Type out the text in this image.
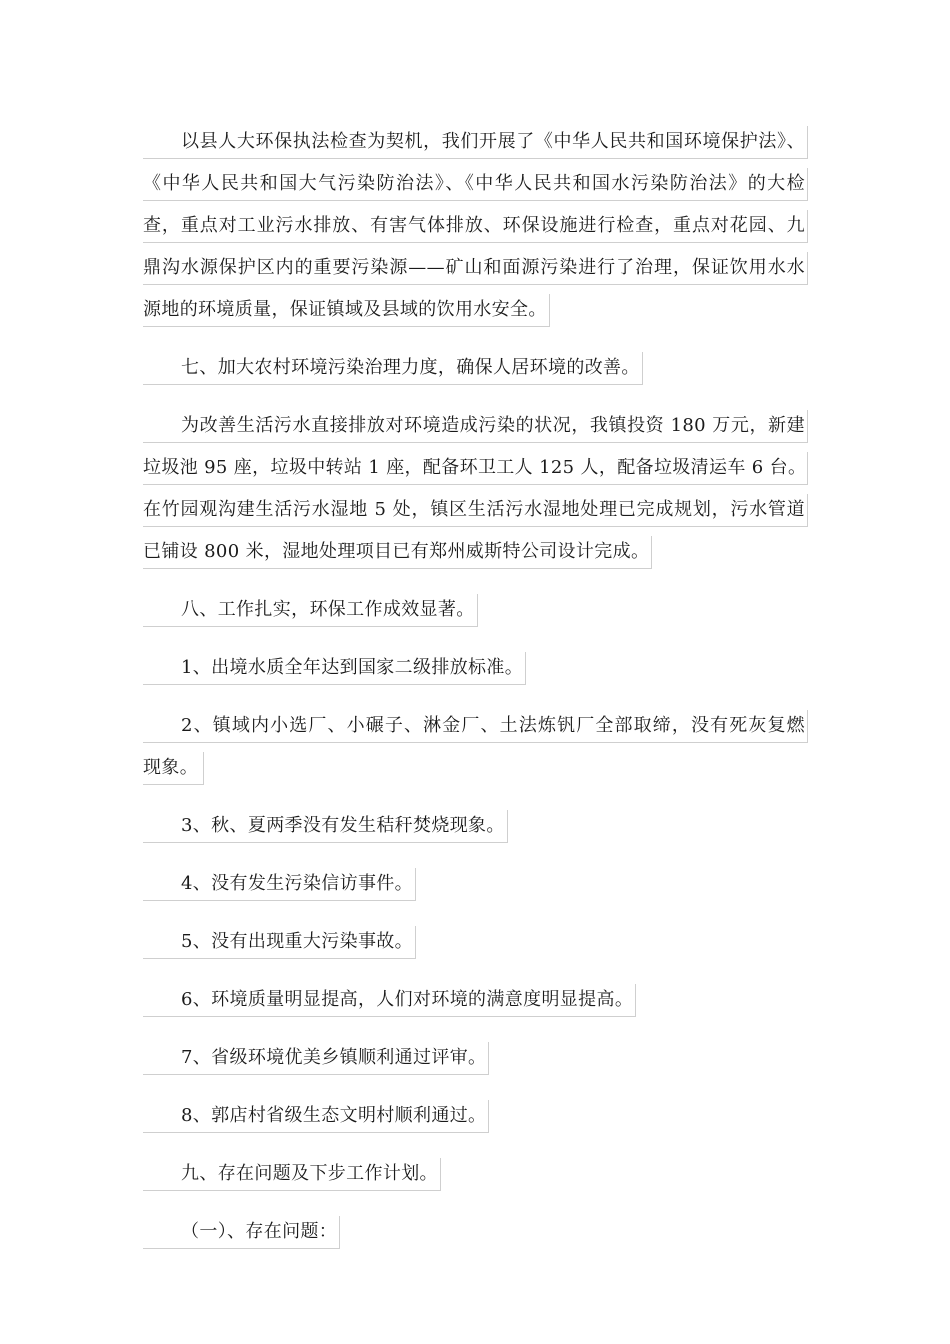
以县人大环保执法检查为契机，我们开展了《中华人民共和国环境保护法》、
《中华人民共和国大气污染防治法》、《中华人民共和国水污染防治法》的大检
查，重点对工业污水排放、有害气体排放、环保设施进行检查，重点对花园、九
鼎沟水源保护区内的重要污染源——矿山和面源污染进行了治理，保证饮用水水
源地的环境质量，保证镇域及县域的饮用水安全。
七、加大农村环境污染治理力度，确保人居环境的改善。
为改善生活污水直接排放对环境造成污染的状况，我镇投资 180 万元，新建
垃圾池 95 座，垃圾中转站 1 座，配备环卫工人 125 人，配备垃圾清运车 6 台。
在竹园观沟建生活污水湿地 5 处，镇区生活污水湿地处理已完成规划，污水管道
已铺设 800 米，湿地处理项目已有郑州威斯特公司设计完成。
八、工作扎实，环保工作成效显著。
1、出境水质全年达到国家二级排放标准。
2、镇域内小选厂、小碾子、淋金厂、土法炼钒厂全部取缔，没有死灰复燃
现象。
3、秋、夏两季没有发生秸秆焚烧现象。
4、没有发生污染信访事件。
5、没有出现重大污染事故。
6、环境质量明显提高，人们对环境的满意度明显提高。
7、省级环境优美乡镇顺利通过评审。
8、郭店村省级生态文明村顺利通过。
九、存在问题及下步工作计划。
（一）、存在问题：
